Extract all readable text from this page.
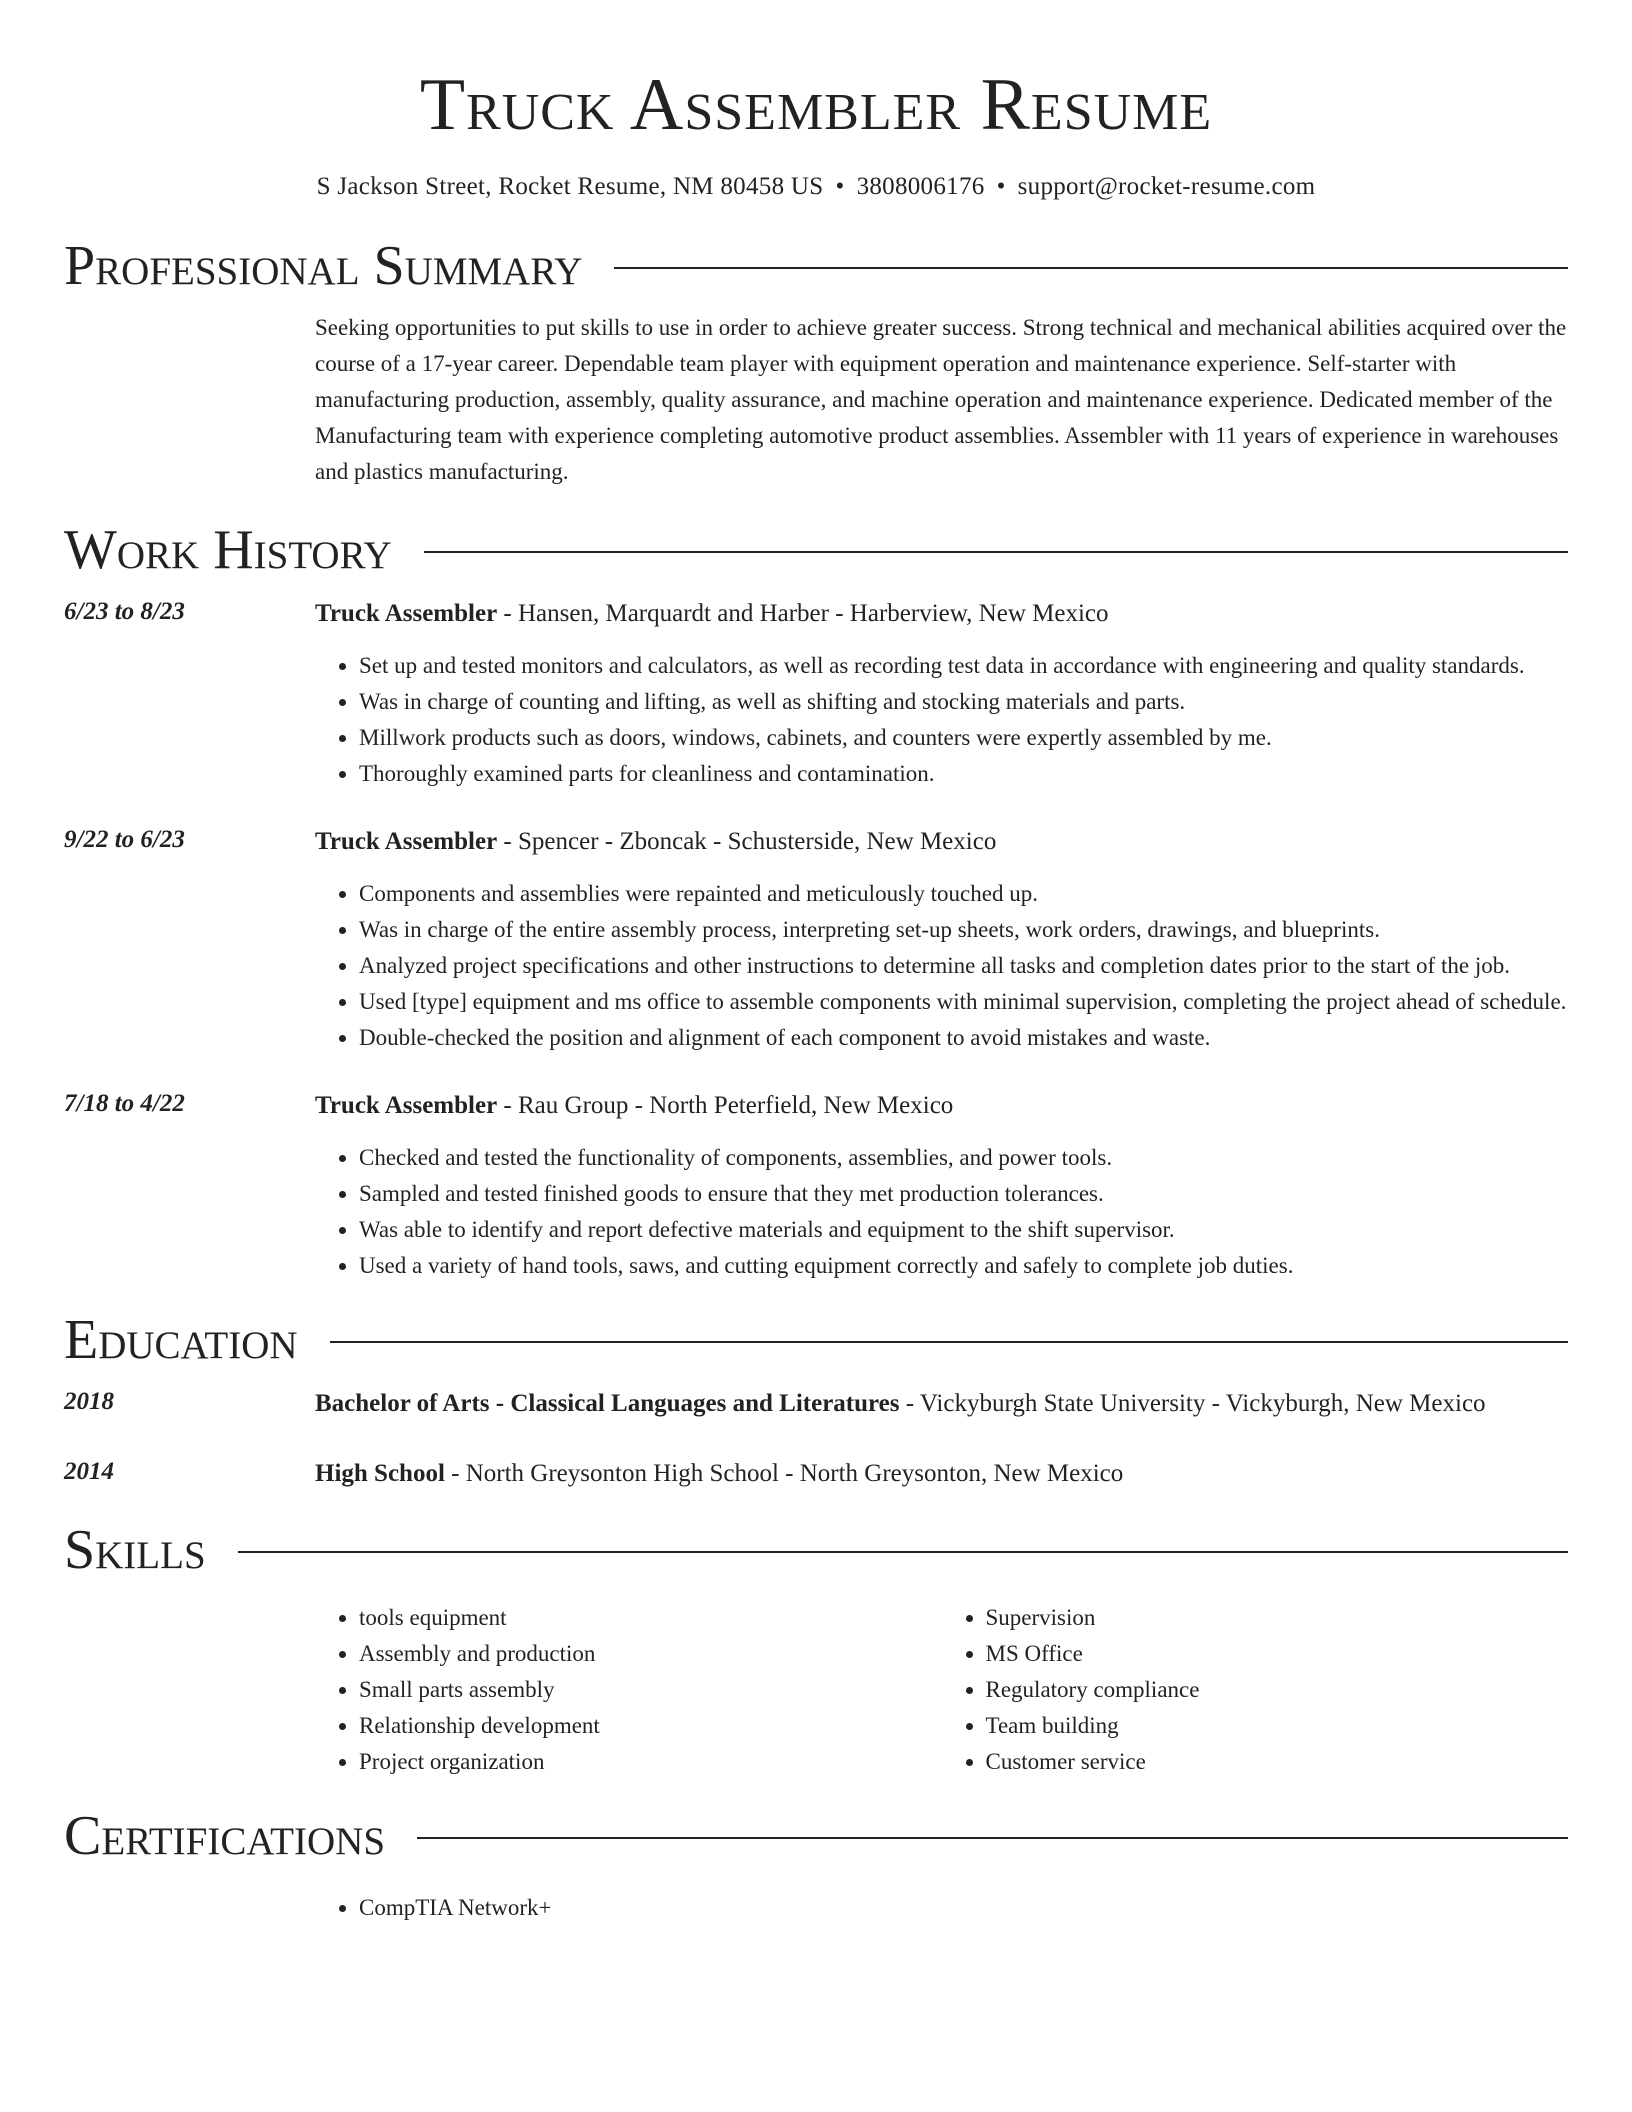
Truck Assembler Resume
S Jackson Street, Rocket Resume, NM 80458 US • 3808006176 • support@rocket-resume.com
Professional Summary

Seeking opportunities to put skills to use in order to achieve greater success. Strong technical and mechanical abilities acquired over the course of a 17-year career. Dependable team player with equipment operation and maintenance experience. Self-starter with manufacturing production, assembly, quality assurance, and machine operation and maintenance experience. Dedicated member of the Manufacturing team with experience completing automotive product assemblies. Assembler with 11 years of experience in warehouses and plastics manufacturing.

Work History
6/23 to 8/23	Truck Assembler - Hansen, Marquardt and Harber - Harberview, New Mexico
• Set up and tested monitors and calculators, as well as recording test data in accordance with engineering and quality standards.
• Was in charge of counting and lifting, as well as shifting and stocking materials and parts.
• Millwork products such as doors, windows, cabinets, and counters were expertly assembled by me.
• Thoroughly examined parts for cleanliness and contamination.
9/22 to 6/23	Truck Assembler - Spencer - Zboncak - Schusterside, New Mexico
• Components and assemblies were repainted and meticulously touched up.
• Was in charge of the entire assembly process, interpreting set-up sheets, work orders, drawings, and blueprints.
• Analyzed project specifications and other instructions to determine all tasks and completion dates prior to the start of the job.
• Used [type] equipment and ms office to assemble components with minimal supervision, completing the project ahead of schedule.
• Double-checked the position and alignment of each component to avoid mistakes and waste.
7/18 to 4/22	Truck Assembler - Rau Group - North Peterfield, New Mexico
• Checked and tested the functionality of components, assemblies, and power tools.
• Sampled and tested finished goods to ensure that they met production tolerances.
• Was able to identify and report defective materials and equipment to the shift supervisor.
• Used a variety of hand tools, saws, and cutting equipment correctly and safely to complete job duties.
Education
2018	Bachelor of Arts - Classical Languages and Literatures - Vickyburgh State University - Vickyburgh, New Mexico
2014	High School - North Greysonton High School - North Greysonton, New Mexico
Skills
• tools equipment
• Assembly and production
• Small parts assembly
• Relationship development
• Project organization
• Supervision
• MS Office
• Regulatory compliance
• Team building
• Customer service
Certifications
• CompTIA Network+
